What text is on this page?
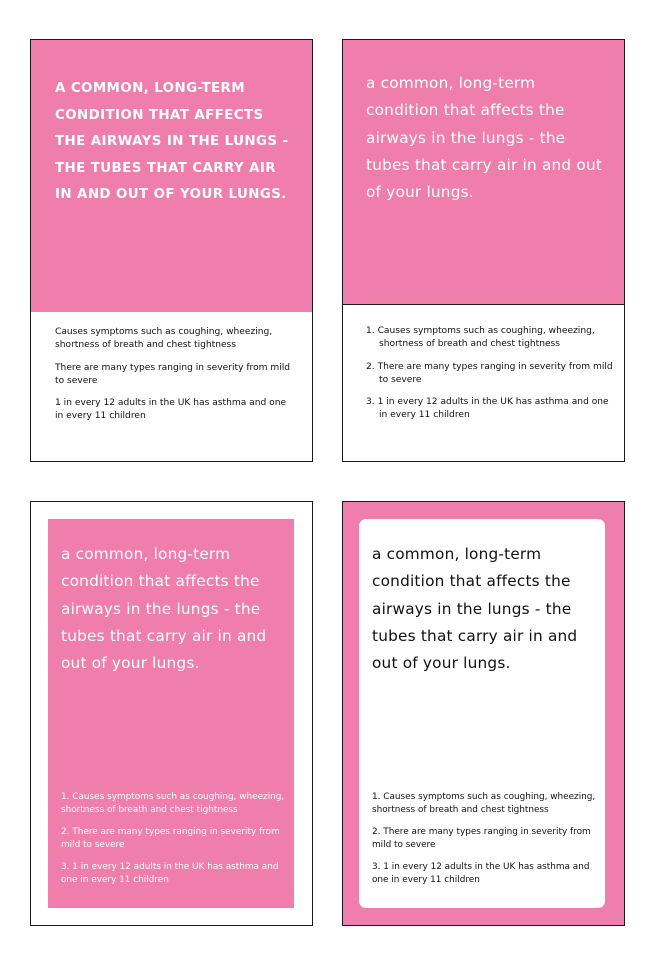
A COMMON, LONG-TERM CONDITION THAT AFFECTS THE AIRWAYS IN THE LUNGS - THE TUBES THAT CARRY AIR IN AND OUT OF YOUR LUNGS.

Causes symptoms such as coughing, wheezing, shortness of breath and chest tightness

There are many types ranging in severity from mild to severe

1 in every 12 adults in the UK has asthma and one in every 11 children

a common, long-term condition that affects the airways in the lungs - the tubes that carry air in and out of your lungs.
1. Causes symptoms such as coughing, wheezing, shortness of breath and chest tightness
2. There are many types ranging in severity from mild to severe
3. 1 in every 12 adults in the UK has asthma and one in every 11 children
a common, long-term condition that affects the airways in the lungs - the tubes that carry air in and out of your lungs.

1. Causes symptoms such as coughing, wheezing, shortness of breath and chest tightness

2. There are many types ranging in severity from mild to severe

3. 1 in every 12 adults in the UK has asthma and one in every 11 children

a common, long-term condition that affects the airways in the lungs - the tubes that carry air in and out of your lungs.

1. Causes symptoms such as coughing, wheezing, shortness of breath and chest tightness

2. There are many types ranging in severity from mild to severe

3. 1 in every 12 adults in the UK has asthma and one in every 11 children
